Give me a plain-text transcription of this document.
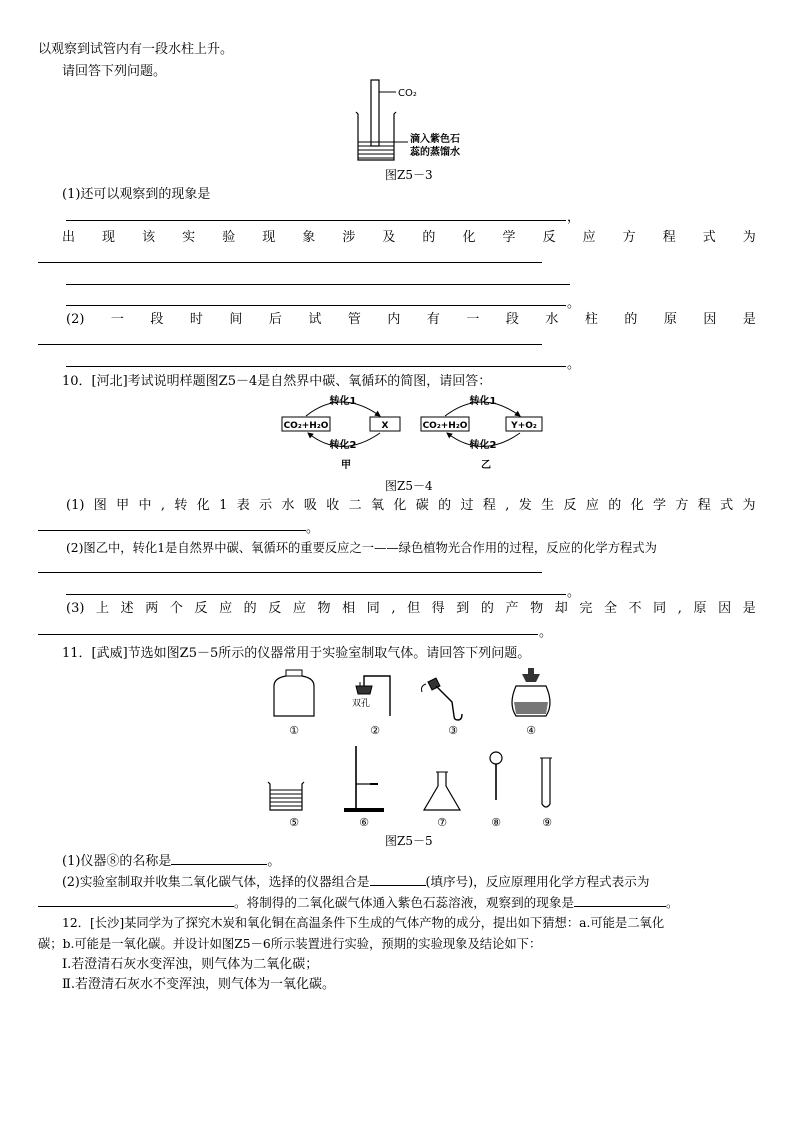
以观察到试管内有一段水柱上升。
请回答下列问题。
CO₂
滴入紫色石
蕊的蒸馏水
图Z5－3
(1)还可以观察到的现象是
，
出 现 该 实 验 现 象 涉 及 的 化 学 反 应 方 程 式 为
。
(2) 一 段 时 间 后 试 管 内 有 一 段 水 柱 的 原 因 是
。
10．[河北]考试说明样题图Z5－4是自然界中碳、氧循环的简图，请回答：
CO₂+H₂O	X
转化1
转化2
甲
CO₂+H₂O	Y+O₂
转化1
转化2
乙
图Z5－4
(1) 图 甲 中 , 转 化 1 表 示 水 吸 收 二 氧 化 碳 的 过 程 , 发 生 反 应 的 化 学 方 程 式 为
。
(2)图乙中，转化1是自然界中碳、氧循环的重要反应之一——绿色植物光合作用的过程，反应的化学方程式为
。
(3) 上 述 两 个 反 应 的 反 应 物 相 同 , 但 得 到 的 产 物 却 完 全 不 同 , 原 因 是
。
11．[武威]节选如图Z5－5所示的仪器常用于实验室制取气体。请回答下列问题。
①
双孔
②	③	④
⑤	⑥	⑦	⑧	⑨
图Z5－5
(1)仪器⑧的名称是	。
(2)实验室制取并收集二氧化碳气体，选择的仪器组合是	(填序号)，反应原理用化学方程式表示为
。将制得的二氧化碳气体通入紫色石蕊溶液，观察到的现象是	。
12．[长沙]某同学为了探究木炭和氧化铜在高温条件下生成的气体产物的成分，提出如下猜想：a.可能是二氧化
碳；b.可能是一氧化碳。并设计如图Z5－6所示装置进行实验，预期的实验现象及结论如下：
Ⅰ.若澄清石灰水变浑浊，则气体为二氧化碳；
Ⅱ.若澄清石灰水不变浑浊，则气体为一氧化碳。
